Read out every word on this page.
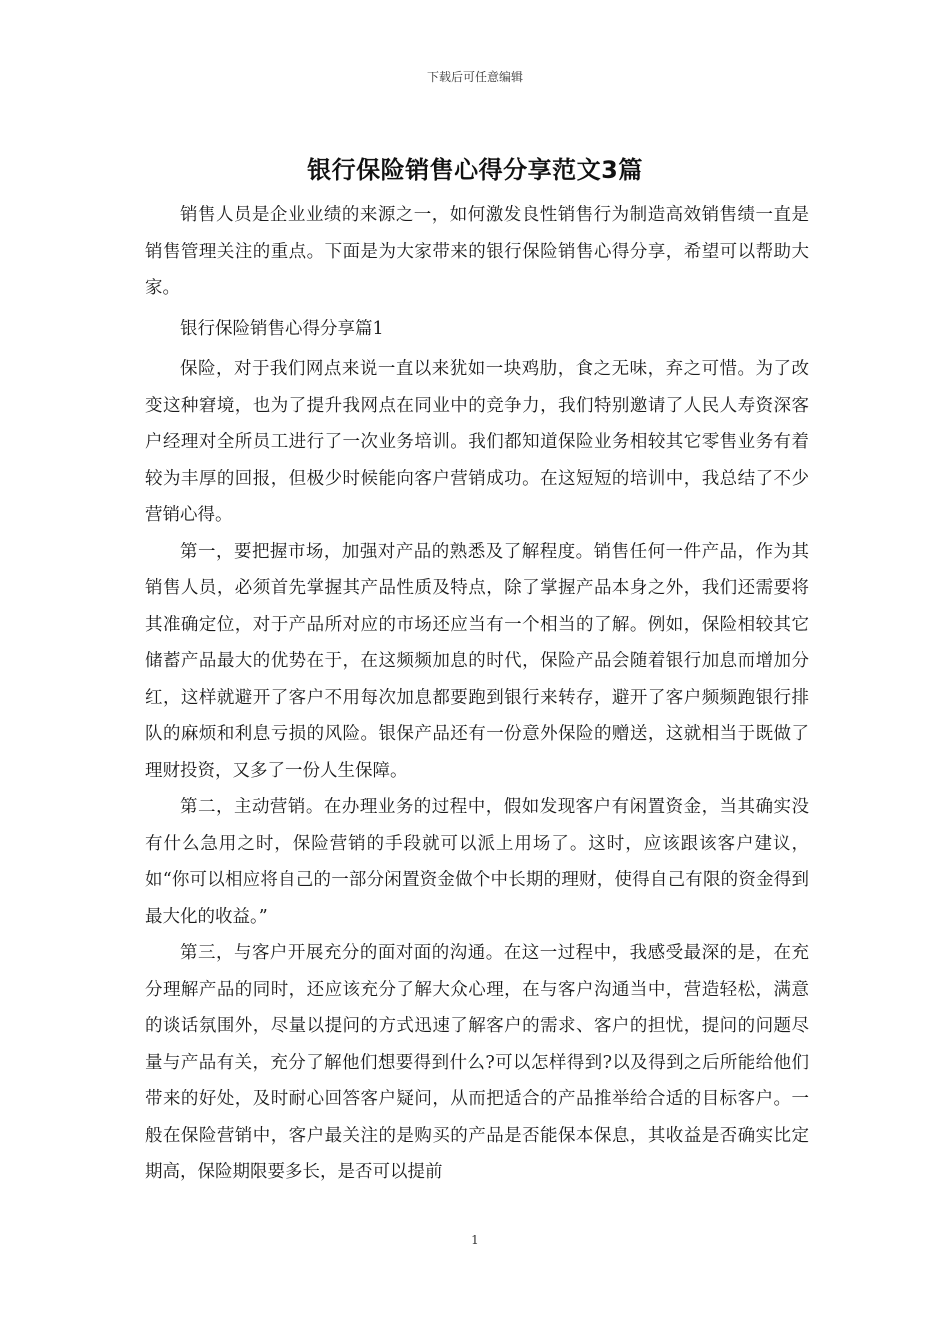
下载后可任意编辑
银行保险销售心得分享范文3篇

销售人员是企业业绩的来源之一，如何激发良性销售行为制造高效销售绩一直是销售管理关注的重点。下面是为大家带来的银行保险销售心得分享，希望可以帮助大家。

银行保险销售心得分享篇1

保险，对于我们网点来说一直以来犹如一块鸡肋，食之无味，弃之可惜。为了改变这种窘境，也为了提升我网点在同业中的竞争力，我们特别邀请了人民人寿资深客户经理对全所员工进行了一次业务培训。我们都知道保险业务相较其它零售业务有着较为丰厚的回报，但极少时候能向客户营销成功。在这短短的培训中，我总结了不少营销心得。

第一，要把握市场，加强对产品的熟悉及了解程度。销售任何一件产品，作为其销售人员，必须首先掌握其产品性质及特点，除了掌握产品本身之外，我们还需要将其准确定位，对于产品所对应的市场还应当有一个相当的了解。例如，保险相较其它储蓄产品最大的优势在于，在这频频加息的时代，保险产品会随着银行加息而增加分红，这样就避开了客户不用每次加息都要跑到银行来转存，避开了客户频频跑银行排队的麻烦和利息亏损的风险。银保产品还有一份意外保险的赠送，这就相当于既做了理财投资，又多了一份人生保障。

第二，主动营销。在办理业务的过程中，假如发现客户有闲置资金，当其确实没有什么急用之时，保险营销的手段就可以派上用场了。这时，应该跟该客户建议，如“你可以相应将自己的一部分闲置资金做个中长期的理财，使得自己有限的资金得到最大化的收益。”

第三，与客户开展充分的面对面的沟通。在这一过程中，我感受最深的是，在充分理解产品的同时，还应该充分了解大众心理，在与客户沟通当中，营造轻松，满意的谈话氛围外，尽量以提问的方式迅速了解客户的需求、客户的担忧，提问的问题尽量与产品有关，充分了解他们想要得到什么?可以怎样得到?以及得到之后所能给他们带来的好处，及时耐心回答客户疑问，从而把适合的产品推举给合适的目标客户。一般在保险营销中，客户最关注的是购买的产品是否能保本保息，其收益是否确实比定期高，保险期限要多长，是否可以提前

1
